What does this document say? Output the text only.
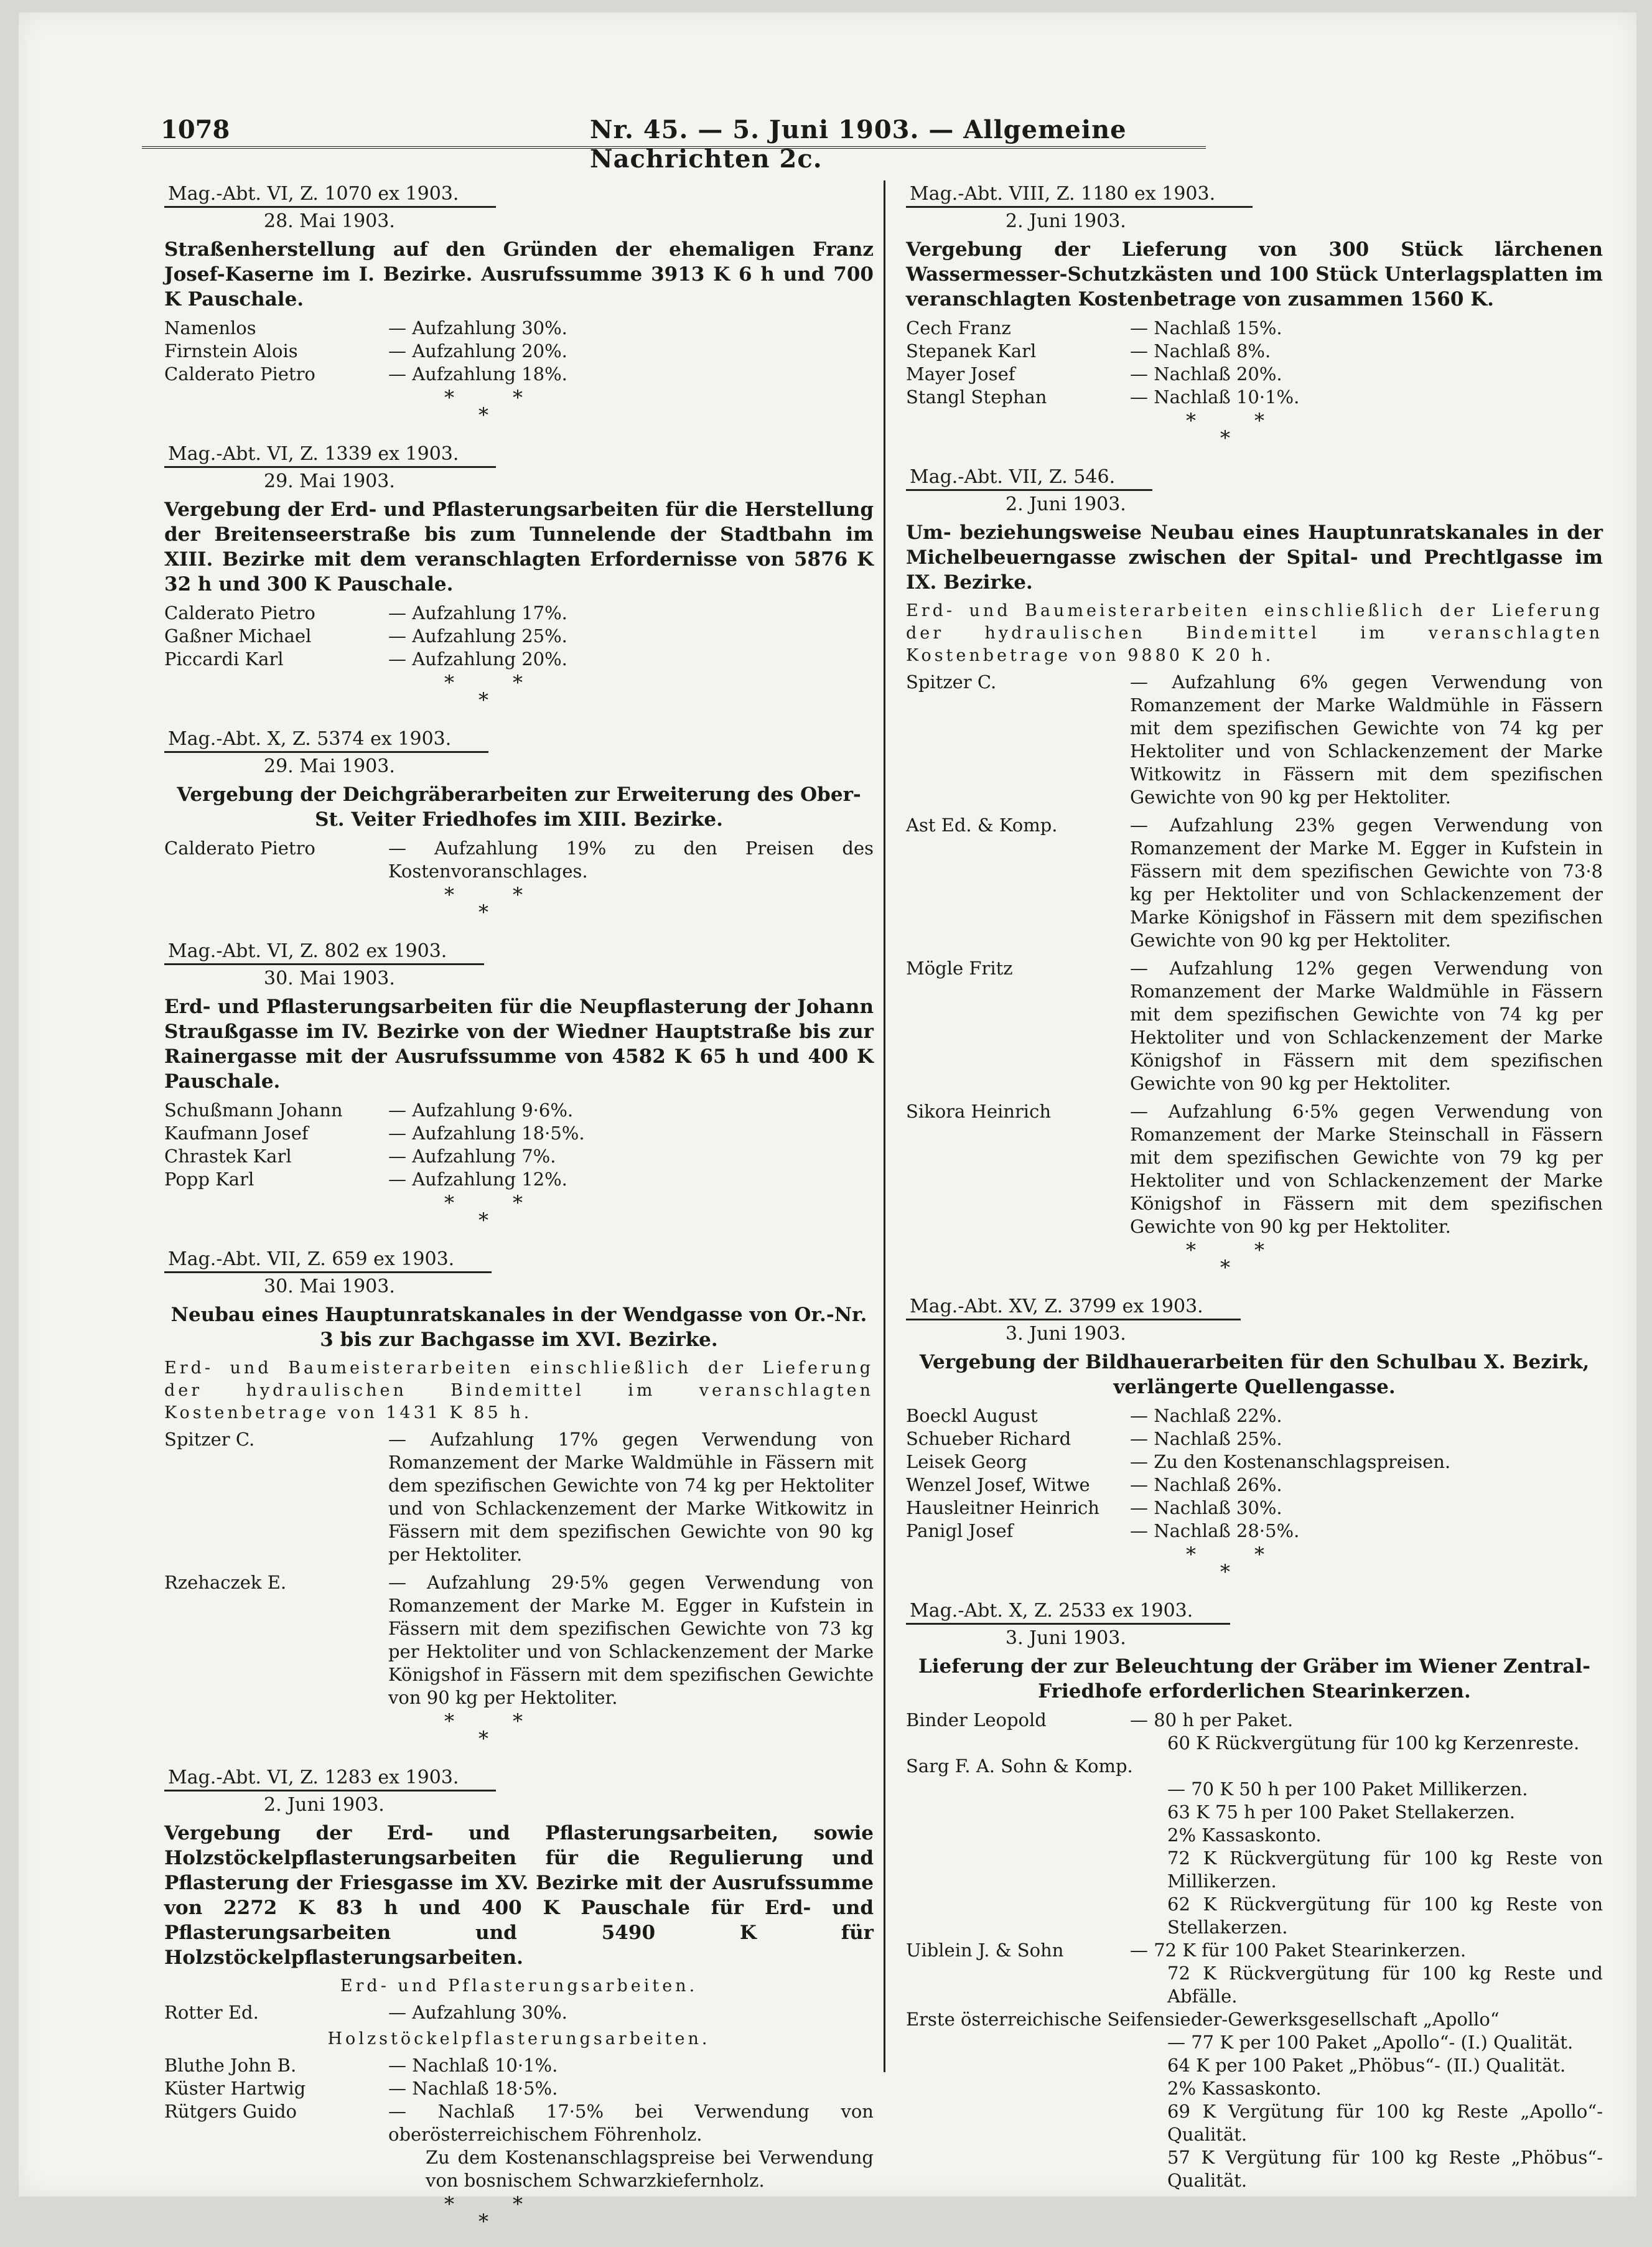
1078	Nr. 45. — 5. Juni 1903. — Allgemeine Nachrichten 2c.
Mag.-Abt. VI, Z. 1070 ex 1903.
28. Mai 1903.
Straßenherstellung auf den Gründen der ehemaligen Franz Josef-Kaserne im I. Bezirke. Ausrufssumme 3913 K 6 h und 700 K Pauschale.
Namenlos	— Aufzahlung 30%.
Firnstein Alois	— Aufzahlung 20%.
Calderato Pietro	— Aufzahlung 18%.
*	*
*
Mag.-Abt. VI, Z. 1339 ex 1903.
29. Mai 1903.
Vergebung der Erd- und Pflasterungsarbeiten für die Herstellung der Breitenseerstraße bis zum Tunnelende der Stadtbahn im XIII. Bezirke mit dem veranschlagten Erfordernisse von 5876 K 32 h und 300 K Pauschale.
Calderato Pietro	— Aufzahlung 17%.
Gaßner Michael	— Aufzahlung 25%.
Piccardi Karl	— Aufzahlung 20%.
*	*
*
Mag.-Abt. X, Z. 5374 ex 1903.
29. Mai 1903.
Vergebung der Deichgräberarbeiten zur Erweiterung des Ober-St. Veiter Friedhofes im XIII. Bezirke.
Calderato Pietro	— Aufzahlung 19% zu den Preisen des Kostenvoranschlages.
*	*
*
Mag.-Abt. VI, Z. 802 ex 1903.
30. Mai 1903.
Erd- und Pflasterungsarbeiten für die Neupflasterung der Johann Straußgasse im IV. Bezirke von der Wiedner Hauptstraße bis zur Rainergasse mit der Ausrufssumme von 4582 K 65 h und 400 K Pauschale.
Schußmann Johann	— Aufzahlung 9·6%.
Kaufmann Josef	— Aufzahlung 18·5%.
Chrastek Karl	— Aufzahlung 7%.
Popp Karl	— Aufzahlung 12%.
*	*
*
Mag.-Abt. VII, Z. 659 ex 1903.
30. Mai 1903.
Neubau eines Hauptunratskanales in der Wendgasse von Or.-Nr. 3 bis zur Bachgasse im XVI. Bezirke.
Erd- und Baumeisterarbeiten einschließlich der Lieferung der hydraulischen Bindemittel im veranschlagten Kostenbetrage von 1431 K 85 h.
Spitzer C.	— Aufzahlung 17% gegen Verwendung von Romanzement der Marke Waldmühle in Fässern mit dem spezifischen Gewichte von 74 kg per Hektoliter und von Schlackenzement der Marke Witkowitz in Fässern mit dem spezifischen Gewichte von 90 kg per Hektoliter.
Rzehaczek E.	— Aufzahlung 29·5% gegen Verwendung von Romanzement der Marke M. Egger in Kufstein in Fässern mit dem spezifischen Gewichte von 73 kg per Hektoliter und von Schlackenzement der Marke Königshof in Fässern mit dem spezifischen Gewichte von 90 kg per Hektoliter.
*	*
*
Mag.-Abt. VI, Z. 1283 ex 1903.
2. Juni 1903.
Vergebung der Erd- und Pflasterungsarbeiten, sowie Holzstöckelpflasterungsarbeiten für die Regulierung und Pflasterung der Friesgasse im XV. Bezirke mit der Ausrufssumme von 2272 K 83 h und 400 K Pauschale für Erd- und Pflasterungsarbeiten und 5490 K für Holzstöckelpflasterungsarbeiten.
Erd- und Pflasterungsarbeiten.
Rotter Ed.	— Aufzahlung 30%.
Holzstöckelpflasterungsarbeiten.
Bluthe John B.	— Nachlaß 10·1%.
Küster Hartwig	— Nachlaß 18·5%.
Rütgers Guido	— Nachlaß 17·5% bei Verwendung von oberösterreichischem Föhrenholz.
Zu dem Kostenanschlagspreise bei Verwendung von bosnischem Schwarzkiefernholz.
*	*
*
Mag.-Abt. VIII, Z. 1180 ex 1903.
2. Juni 1903.
Vergebung der Lieferung von 300 Stück lärchenen Wassermesser-Schutzkästen und 100 Stück Unterlagsplatten im veranschlagten Kostenbetrage von zusammen 1560 K.
Cech Franz	— Nachlaß 15%.
Stepanek Karl	— Nachlaß 8%.
Mayer Josef	— Nachlaß 20%.
Stangl Stephan	— Nachlaß 10·1%.
*	*
*
Mag.-Abt. VII, Z. 546.
2. Juni 1903.
Um- beziehungsweise Neubau eines Hauptunratskanales in der Michelbeuerngasse zwischen der Spital- und Prechtlgasse im IX. Bezirke.
Erd- und Baumeisterarbeiten einschließlich der Lieferung der hydraulischen Bindemittel im veranschlagten Kostenbetrage von 9880 K 20 h.
Spitzer C.	— Aufzahlung 6% gegen Verwendung von Romanzement der Marke Waldmühle in Fässern mit dem spezifischen Gewichte von 74 kg per Hektoliter und von Schlackenzement der Marke Witkowitz in Fässern mit dem spezifischen Gewichte von 90 kg per Hektoliter.
Ast Ed. & Komp.	— Aufzahlung 23% gegen Verwendung von Romanzement der Marke M. Egger in Kufstein in Fässern mit dem spezifischen Gewichte von 73·8 kg per Hektoliter und von Schlackenzement der Marke Königshof in Fässern mit dem spezifischen Gewichte von 90 kg per Hektoliter.
Mögle Fritz	— Aufzahlung 12% gegen Verwendung von Romanzement der Marke Waldmühle in Fässern mit dem spezifischen Gewichte von 74 kg per Hektoliter und von Schlackenzement der Marke Königshof in Fässern mit dem spezifischen Gewichte von 90 kg per Hektoliter.
Sikora Heinrich	— Aufzahlung 6·5% gegen Verwendung von Romanzement der Marke Steinschall in Fässern mit dem spezifischen Gewichte von 79 kg per Hektoliter und von Schlackenzement der Marke Königshof in Fässern mit dem spezifischen Gewichte von 90 kg per Hektoliter.
*	*
*
Mag.-Abt. XV, Z. 3799 ex 1903.
3. Juni 1903.
Vergebung der Bildhauerarbeiten für den Schulbau X. Bezirk, verlängerte Quellengasse.
Boeckl August	— Nachlaß 22%.
Schueber Richard	— Nachlaß 25%.
Leisek Georg	— Zu den Kostenanschlagspreisen.
Wenzel Josef, Witwe	— Nachlaß 26%.
Hausleitner Heinrich	— Nachlaß 30%.
Panigl Josef	— Nachlaß 28·5%.
*	*
*
Mag.-Abt. X, Z. 2533 ex 1903.
3. Juni 1903.
Lieferung der zur Beleuchtung der Gräber im Wiener Zentral-Friedhofe erforderlichen Stearinkerzen.
Binder Leopold	— 80 h per Paket.
60 K Rückvergütung für 100 kg Kerzenreste.
Sarg F. A. Sohn & Komp.
— 70 K 50 h per 100 Paket Millikerzen.
63 K 75 h per 100 Paket Stellakerzen.
2% Kassaskonto.
72 K Rückvergütung für 100 kg Reste von Millikerzen.
62 K Rückvergütung für 100 kg Reste von Stellakerzen.
Uiblein J. & Sohn	— 72 K für 100 Paket Stearinkerzen.
72 K Rückvergütung für 100 kg Reste und Abfälle.
Erste österreichische Seifensieder-Gewerksgesellschaft „Apollo“
— 77 K per 100 Paket „Apollo“- (I.) Qualität.
64 K per 100 Paket „Phöbus“- (II.) Qualität.
2% Kassaskonto.
69 K Vergütung für 100 kg Reste „Apollo“-Qualität.
57 K Vergütung für 100 kg Reste „Phöbus“-Qualität.
